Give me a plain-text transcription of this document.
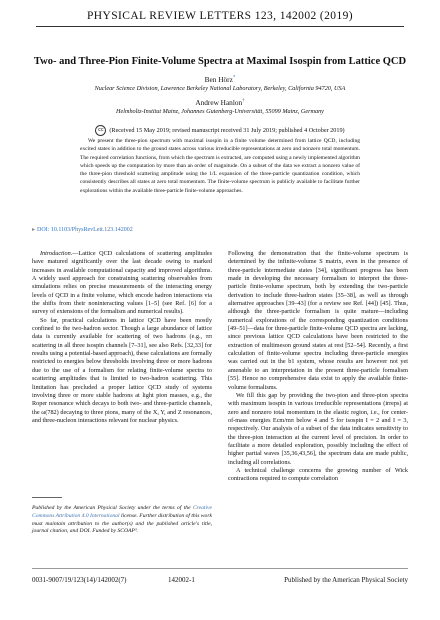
PHYSICAL REVIEW LETTERS 123, 142002 (2019)
Two- and Three-Pion Finite-Volume Spectra at Maximal Isospin from Lattice QCD
Ben Hörz*
Nuclear Science Division, Lawrence Berkeley National Laboratory, Berkeley, California 94720, USA
Andrew Hanlon†
Helmholtz-Institut Mainz, Johannes Gutenberg-Universität, 55099 Mainz, Germany
cc (Received 15 May 2019; revised manuscript received 31 July 2019; published 4 October 2019)

We present the three-pion spectrum with maximal isospin in a finite volume determined from lattice QCD, including excited states in addition to the ground states across various irreducible representations at zero and nonzero total momentum. The required correlation functions, from which the spectrum is extracted, are computed using a newly implemented algorithm which speeds up the computation by more than an order of magnitude. On a subset of the data we extract a nonzero value of the three-pion threshold scattering amplitude using the 1/L expansion of the three-particle quantization condition, which consistently describes all states at zero total momentum. The finite-volume spectrum is publicly available to facilitate further explorations within the available three-particle finite-volume approaches.

▸ DOI: 10.1103/PhysRevLett.123.142002

Introduction.—Lattice QCD calculations of scattering amplitudes have matured significantly over the last decade owing to marked increases in available computational capacity and improved algorithms. A widely used approach for constraining scattering observables from simulations relies on precise measurements of the interacting energy levels of QCD in a finite volume, which encode hadron interactions via the shifts from their noninteracting values [1–5] (see Ref. [6] for a survey of extensions of the formalism and numerical results).

So far, practical calculations in lattice QCD have been mostly confined to the two-hadron sector. Though a large abundance of lattice data is currently available for scattering of two hadrons (e.g., ππ scattering in all three isospin channels [7–31], see also Refs. [32,33] for results using a potential-based approach), these calculations are formally restricted to energies below thresholds involving three or more hadrons due to the use of a formalism for relating finite-volume spectra to scattering amplitudes that is limited to two-hadron scattering. This limitation has precluded a proper lattice QCD study of systems involving three or more stable hadrons at light pion masses, e.g., the Roper resonance which decays to both two- and three-particle channels, the ω(782) decaying to three pions, many of the X, Y, and Z resonances, and three-nucleon interactions relevant for nuclear physics.

Following the demonstration that the finite-volume spectrum is determined by the infinite-volume S matrix, even in the presence of three-particle intermediate states [34], significant progress has been made in developing the necessary formalism to interpret the three-particle finite-volume spectrum, both by extending the two-particle derivation to include three-hadron states [35–38], as well as through alternative approaches [39–43] (for a review see Ref. [44]) [45]. Thus, although the three-particle formalism is quite mature—including numerical explorations of the corresponding quantization conditions [49–51]—data for three-particle finite-volume QCD spectra are lacking, since previous lattice QCD calculations have been restricted to the extraction of multimeson ground states at rest [52–54]. Recently, a first calculation of finite-volume spectra including three-particle energies was carried out in the b1 system, whose results are however not yet amenable to an interpretation in the present three-particle formalism [55]. Hence no comprehensive data exist to apply the available finite-volume formalisms.

We fill this gap by providing the two-pion and three-pion spectra with maximum isospin in various irreducible representations (irreps) at zero and nonzero total momentum in the elastic region, i.e., for center-of-mass energies Ecm/mπ below 4 and 5 for isospin I = 2 and I = 3, respectively. Our analysis of a subset of the data indicates sensitivity to the three-pion interaction at the current level of precision. In order to facilitate a more detailed exploration, possibly including the effect of higher partial waves [35,36,43,56], the spectrum data are made public, including all correlations.

A technical challenge concerns the growing number of Wick contractions required to compute correlation

Published by the American Physical Society under the terms of the Creative Commons Attribution 4.0 International license. Further distribution of this work must maintain attribution to the author(s) and the published article's title, journal citation, and DOI. Funded by SCOAP³.
0031-9007/19/123(14)/142002(7)	142002-1	Published by the American Physical Society
